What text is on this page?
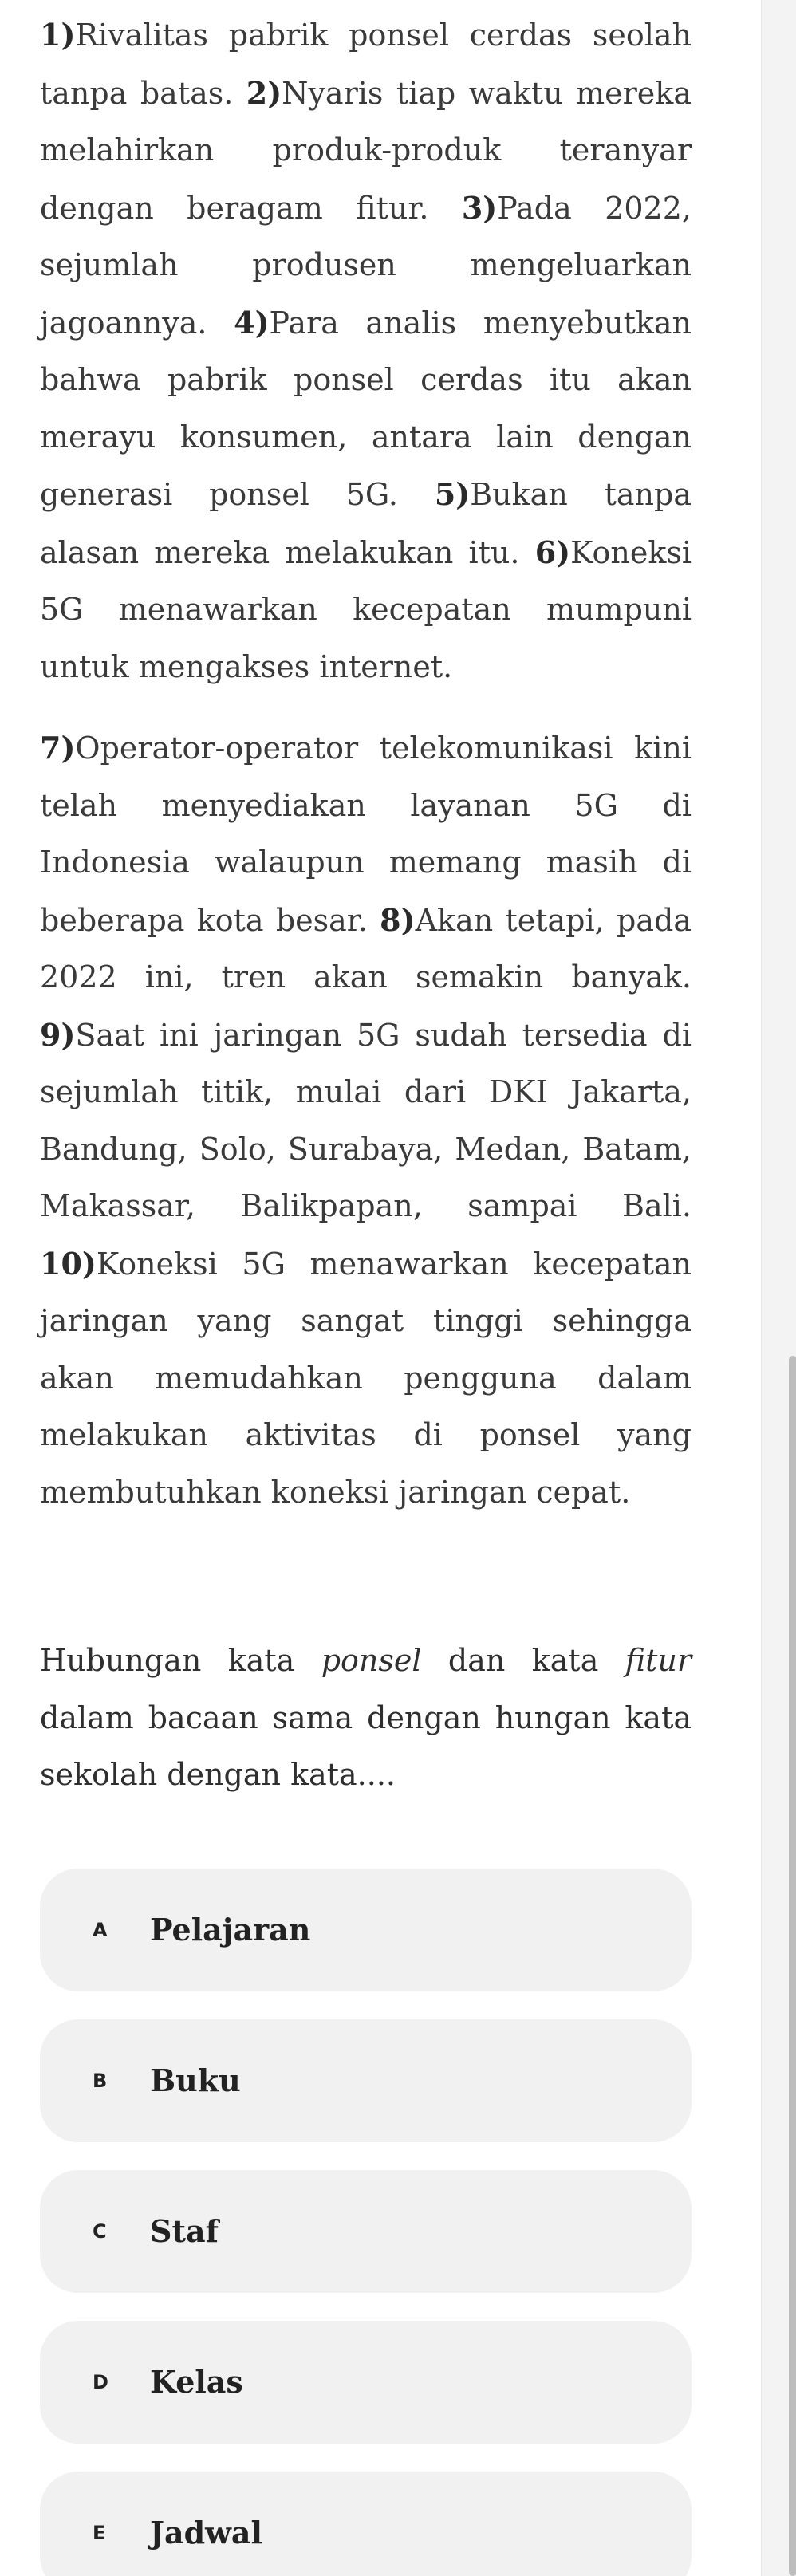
1)Rivalitas pabrik ponsel cerdas seolah tanpa batas. 2)Nyaris tiap waktu mereka melahirkan produk-produk teranyar dengan beragam fitur. 3)Pada 2022, sejumlah produsen mengeluarkan jagoannya. 4)Para analis menyebutkan bahwa pabrik ponsel cerdas itu akan merayu konsumen, antara lain dengan generasi ponsel 5G. 5)Bukan tanpa alasan mereka melakukan itu. 6)Koneksi 5G menawarkan kecepatan mumpuni untuk mengakses internet.

7)Operator-operator telekomunikasi kini telah menyediakan layanan 5G di Indonesia walaupun memang masih di beberapa kota besar. 8)Akan tetapi, pada 2022 ini, tren akan semakin banyak. 9)Saat ini jaringan 5G sudah tersedia di sejumlah titik, mulai dari DKI Jakarta, Bandung, Solo, Surabaya, Medan, Batam, Makassar, Balikpapan, sampai Bali. 10)Koneksi 5G menawarkan kecepatan jaringan yang sangat tinggi sehingga akan memudahkan pengguna dalam melakukan aktivitas di ponsel yang membutuhkan koneksi jaringan cepat.

Hubungan kata ponsel dan kata fitur dalam bacaan sama dengan hungan kata sekolah dengan kata....

A	Pelajaran
B	Buku
C	Staf
D	Kelas
E	Jadwal
